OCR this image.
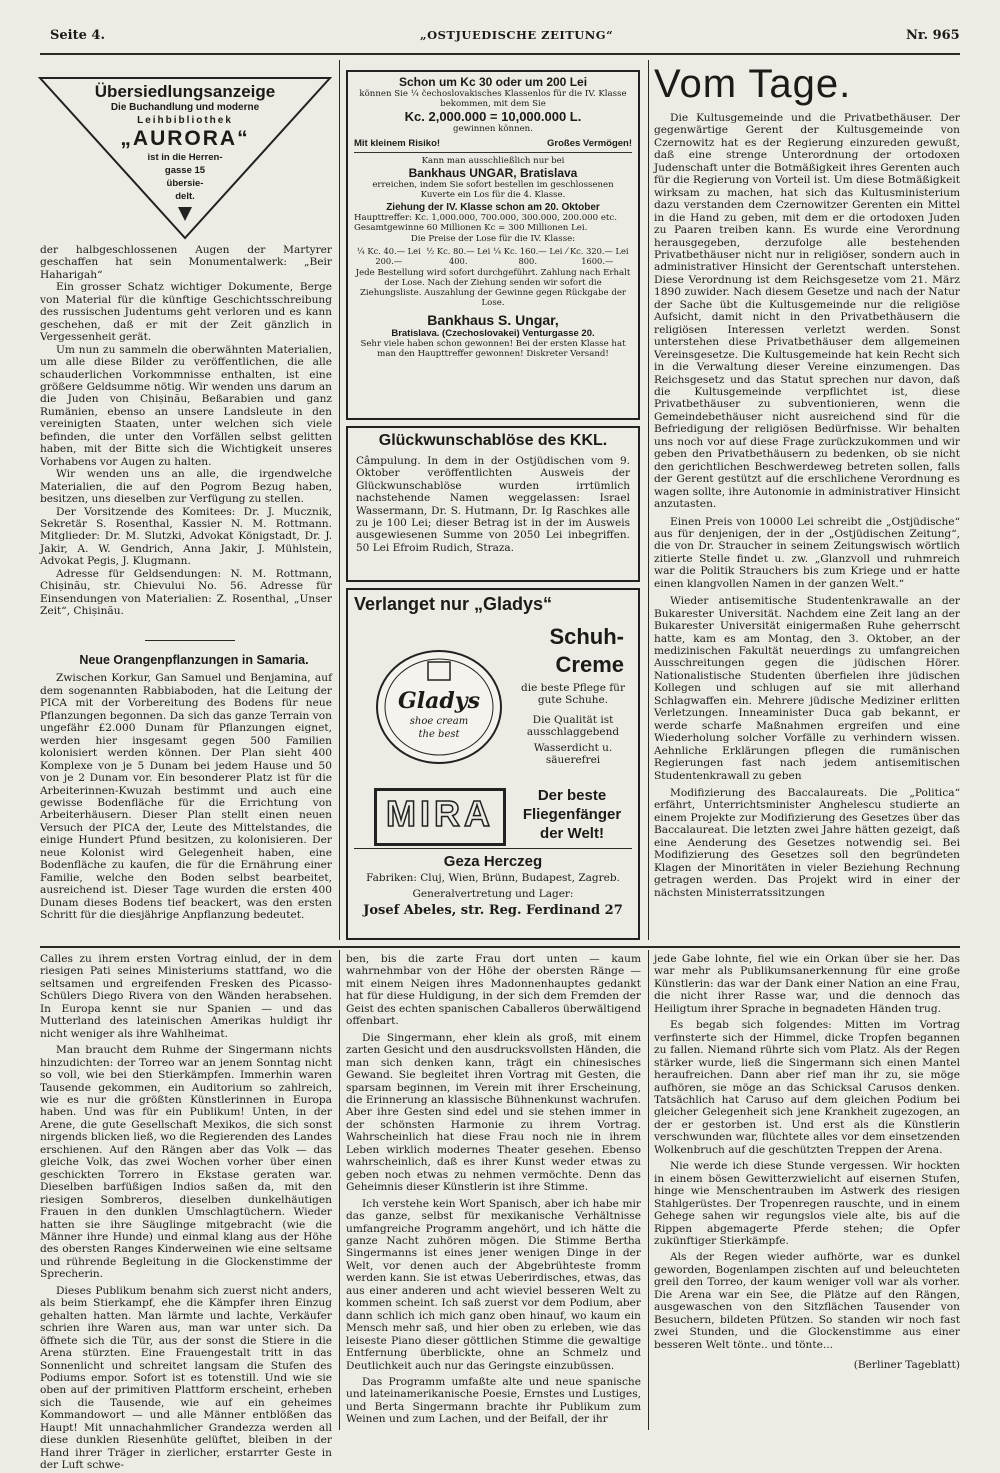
Seite 4.	„OSTJUEDISCHE ZEITUNG“	Nr. 965
Übersiedlungsanzeige
Die Buchandlung und moderne
Leihbibliothek
„AURORA“
ist in die Herren-
gasse 15
übersie-
delt.

der halbgeschlossenen Augen der Martyrer geschaffen hat sein Monumentalwerk: „Beir Haharigah“

Ein grosser Schatz wichtiger Dokumente, Berge von Material für die künftige Geschichtsschreibung des russischen Judentums geht verloren und es kann geschehen, daß er mit der Zeit gänzlich in Vergessenheit gerät.

Um nun zu sammeln die oberwähnten Materialien, um alle diese Bilder zu veröffentlichen, die alle schauderlichen Vorkommnisse enthalten, ist eine größere Geldsumme nötig. Wir wenden uns darum an die Juden von Chișinău, Beßarabien und ganz Rumänien, ebenso an unsere Landsleute in den vereinigten Staaten, unter welchen sich viele befinden, die unter den Vorfällen selbst gelitten haben, mit der Bitte sich die Wichtigkeit unseres Vorhabens vor Augen zu halten.

Wir wenden uns an alle, die irgendwelche Materialien, die auf den Pogrom Bezug haben, besitzen, uns dieselben zur Verfügung zu stellen.

Der Vorsitzende des Komitees: Dr. J. Mucznik, Sekretär S. Rosenthal, Kassier N. M. Rottmann. Mitglieder: Dr. M. Slutzki, Advokat Königstadt, Dr. J. Jakir, A. W. Gendrich, Anna Jakir, J. Mühlstein, Advokat Pegis, J. Klugmann.

Adresse für Geldsendungen: N. M. Rottmann, Chișinău, str. Chievului No. 56. Adresse für Einsendungen von Materialien: Z. Rosenthal, „Unser Zeit“, Chișinău.

Neue Orangenpflanzungen in Samaria.

Zwischen Korkur, Gan Samuel und Benjamina, auf dem sogenannten Rabbiaboden, hat die Leitung der PICA mit der Vorbereitung des Bodens für neue Pflanzungen begonnen. Da sich das ganze Terrain von ungefähr £2.000 Dunam für Pflanzungen eignet, werden hier insgesamt gegen 500 Familien kolonisiert werden können. Der Plan sieht 400 Komplexe von je 5 Dunam bei jedem Hause und 50 von je 2 Dunam vor. Ein besonderer Platz ist für die Arbeiterinnen-Kwuzah bestimmt und auch eine gewisse Bodenfläche für die Errichtung von Arbeiterhäusern. Dieser Plan stellt einen neuen Versuch der PICA der, Leute des Mittelstandes, die einige Hundert Pfund besitzen, zu kolonisieren. Der neue Kolonist wird Gelegenheit haben, eine Bodenfläche zu kaufen, die für die Ernährung einer Familie, welche den Boden selbst bearbeitet, ausreichend ist. Dieser Tage wurden die ersten 400 Dunam dieses Bodens tief beackert, was den ersten Schritt für die diesjährige Anpflanzung bedeutet.

Schon um Kc 30 oder um 200 Lei
können Sie ¼ čechoslovakisches Klassenlos für die IV. Klasse bekommen, mit dem Sie
Kc. 2,000.000 = 10,000.000 L.
gewinnen können.
Mit kleinem Risiko!	Großes Vermögen!
Kann man ausschließlich nur bei
Bankhaus UNGAR, Bratislava
erreichen, indem Sie sofort bestellen im geschlossenen Kuverte ein Los für die 4. Klasse.
Ziehung der IV. Klasse schon am 20. Oktober
Haupttreffer: Kc. 1,000.000, 700.000, 300.000, 200.000 etc. Gesamtgewinne 60 Millionen Kc = 300 Millionen Lei.
Die Preise der Lose für die IV. Klasse:
¼ Kc. 40.— Lei 200.—
½ Kc. 80.— Lei 400.
¼ Kc. 160.— Lei 800.
⁄ Kc. 320.— Lei 1600.—
Jede Bestellung wird sofort durchgeführt. Zahlung nach Erhalt der Lose. Nach der Ziehung senden wir sofort die Ziehungsliste. Auszahlung der Gewinne gegen Rückgabe der Lose.
Bankhaus S. Ungar,
Bratislava. (Czechoslovakei) Venturgasse 20.
Sehr viele haben schon gewonnen! Bei der ersten Klasse hat man den Haupttreffer gewonnen! Diskreter Versand!
Glückwunschablöse des KKL.
Câmpulung. In dem in der Ostjüdischen vom 9. Oktober veröffentlichten Ausweis der Glückwunschablöse wurden irrtümlich nachstehende Namen weggelassen: Israel Wassermann, Dr. S. Hutmann, Dr. Ig Raschkes alle zu je 100 Lei; dieser Betrag ist in der im Ausweis ausgewiesenen Summe von 2050 Lei inbegriffen. 50 Lei Efroim Rudich, Straza.
Verlanget nur „Gladys“
Schuh-
Creme
Gladys
shoe cream
the best
die beste Pflege für gute Schuhe.
Die Qualität ist ausschlaggebend
Wasserdicht u. säuerefrei
MIRA	Der beste Fliegenfänger der Welt!
Geza Herczeg
Fabriken: Cluj, Wien, Brünn, Budapest, Zagreb.
Generalvertretung und Lager:
Josef Abeles, str. Reg. Ferdinand 27
Vom Tage.

Die Kultusgemeinde und die Privatbethäuser. Der gegenwärtige Gerent der Kultusgemeinde von Czernowitz hat es der Regierung einzureden gewußt, daß eine strenge Unterordnung der ortodoxen Judenschaft unter die Botmäßigkeit ihres Gerenten auch für die Regierung von Vorteil ist. Um diese Botmäßigkeit wirksam zu machen, hat sich das Kultusministerium dazu verstanden dem Czernowitzer Gerenten ein Mittel in die Hand zu geben, mit dem er die ortodoxen Juden zu Paaren treiben kann. Es wurde eine Verordnung herausgegeben, derzufolge alle bestehenden Privatbethäuser nicht nur in religiöser, sondern auch in administrativer Hinsicht der Gerentschaft unterstehen. Diese Verordnung ist dem Reichsgesetze vom 21. März 1890 zuwider. Nach diesem Gesetze und nach der Natur der Sache übt die Kultusgemeinde nur die religiöse Aufsicht, damit nicht in den Privatbethäusern die religiösen Interessen verletzt werden. Sonst unterstehen diese Privatbethäuser dem allgemeinen Vereinsgesetze. Die Kultusgemeinde hat kein Recht sich in die Verwaltung dieser Vereine einzumengen. Das Reichsgesetz und das Statut sprechen nur davon, daß die Kultusgemeinde verpflichtet ist, diese Privatbethäuser zu subventionieren, wenn die Gemeindebethäuser nicht ausreichend sind für die Befriedigung der religiösen Bedürfnisse. Wir behalten uns noch vor auf diese Frage zurückzukommen und wir geben den Privatbethäusern zu bedenken, ob sie nicht den gerichtlichen Beschwerdeweg betreten sollen, falls der Gerent gestützt auf die erschlichene Verordnung es wagen sollte, ihre Autonomie in administrativer Hinsicht anzutasten.

Einen Preis von 10000 Lei schreibt die „Ostjüdische“ aus für denjenigen, der in der „Ostjüdischen Zeitung“, die von Dr. Straucher in seinem Zeitungswisch wörtlich zitierte Stelle findet u. zw. „Glanzvoll und ruhmreich war die Politik Strauchers bis zum Kriege und er hatte einen klangvollen Namen in der ganzen Welt.“

Wieder antisemitische Studentenkrawalle an der Bukarester Universität. Nachdem eine Zeit lang an der Bukarester Universität einigermaßen Ruhe geherrscht hatte, kam es am Montag, den 3. Oktober, an der medizinischen Fakultät neuerdings zu umfangreichen Ausschreitungen gegen die jüdischen Hörer. Nationalistische Studenten überfielen ihre jüdischen Kollegen und schlugen auf sie mit allerhand Schlagwaffen ein. Mehrere jüdische Mediziner erlitten Verletzungen. Inneaminister Duca gab bekannt, er werde scharfe Maßnahmen ergreifen und eine Wiederholung solcher Vorfälle zu verhindern wissen. Aehnliche Erklärungen pflegen die rumänischen Regierungen fast nach jedem antisemitischen Studentenkrawall zu geben

Modifizierung des Baccalaureats. Die „Politica“ erfährt, Unterrichtsminister Anghelescu studierte an einem Projekte zur Modifizierung des Gesetzes über das Baccalaureat. Die letzten zwei Jahre hätten gezeigt, daß eine Aenderung des Gesetzes notwendig sei. Bei Modifizierung des Gesetzes soll den begründeten Klagen der Minoritäten in vieler Beziehung Rechnung getragen werden. Das Projekt wird in einer der nächsten Ministerratssitzungen

Calles zu ihrem ersten Vortrag einlud, der in dem riesigen Pati seines Ministeriums stattfand, wo die seltsamen und ergreifenden Fresken des Picasso-Schülers Diego Rivera von den Wänden herabsehen. In Europa kennt sie nur Spanien — und das Mutterland des lateinischen Amerikas huldigt ihr nicht weniger als ihre Wahlheimat.

Man braucht dem Ruhme der Singermann nichts hinzudichten: der Torreo war an jenem Sonntag nicht so voll, wie bei den Stierkämpfen. Immerhin waren Tausende gekommen, ein Auditorium so zahlreich, wie es nur die größten Künstlerinnen in Europa haben. Und was für ein Publikum! Unten, in der Arene, die gute Gesellschaft Mexikos, die sich sonst nirgends blicken ließ, wo die Regierenden des Landes erschienen. Auf den Rängen aber das Volk — das gleiche Volk, das zwei Wochen vorher über einen geschickten Torrero in Ekstase geraten war. Dieselben barfüßigen Indios saßen da, mit den riesigen Sombreros, dieselben dunkelhäutigen Frauen in den dunklen Umschlagtüchern. Wieder hatten sie ihre Säuglinge mitgebracht (wie die Männer ihre Hunde) und einmal klang aus der Höhe des obersten Ranges Kinderweinen wie eine seltsame und rührende Begleitung in die Glockenstimme der Sprecherin.

Dieses Publikum benahm sich zuerst nicht anders, als beim Stierkampf, ehe die Kämpfer ihren Einzug gehalten hatten. Man lärmte und lachte, Verkäufer schrien ihre Waren aus, man war unter sich. Da öffnete sich die Tür, aus der sonst die Stiere in die Arena stürzten. Eine Frauengestalt tritt in das Sonnenlicht und schreitet langsam die Stufen des Podiums empor. Sofort ist es totenstill. Und wie sie oben auf der primitiven Plattform erscheint, erheben sich die Tausende, wie auf ein geheimes Kommandowort — und alle Männer entblößen das Haupt! Mit unnachahmlicher Grandezza werden all diese dunklen Riesenhüte gelüftet, bleiben in der Hand ihrer Träger in zierlicher, erstarrter Geste in der Luft schwe-

ben, bis die zarte Frau dort unten — kaum wahrnehmbar von der Höhe der obersten Ränge — mit einem Neigen ihres Madonnenhauptes gedankt hat für diese Huldigung, in der sich dem Fremden der Geist des echten spanischen Caballeros überwältigend offenbart.

Die Singermann, eher klein als groß, mit einem zarten Gesicht und den ausdrucksvollsten Händen, die man sich denken kann, trägt ein chinesisches Gewand. Sie begleitet ihren Vortrag mit Gesten, die sparsam beginnen, im Verein mit ihrer Erscheinung, die Erinnerung an klassische Bühnenkunst wachrufen. Aber ihre Gesten sind edel und sie stehen immer in der schönsten Harmonie zu ihrem Vortrag. Wahrscheinlich hat diese Frau noch nie in ihrem Leben wirklich modernes Theater gesehen. Ebenso wahrscheinlich, daß es ihrer Kunst weder etwas zu geben noch etwas zu nehmen vermöchte. Denn das Geheimnis dieser Künstlerin ist ihre Stimme.

Ich verstehe kein Wort Spanisch, aber ich habe mir das ganze, selbst für mexikanische Verhältnisse umfangreiche Programm angehört, und ich hätte die ganze Nacht zuhören mögen. Die Stimme Bertha Singermanns ist eines jener wenigen Dinge in der Welt, vor denen auch der Abgebrühteste fromm werden kann. Sie ist etwas Ueberirdisches, etwas, das aus einer anderen und acht wieviel besseren Welt zu kommen scheint. Ich saß zuerst vor dem Podium, aber dann schlich ich mich ganz oben hinauf, wo kaum ein Mensch mehr saß, und hier oben zu erleben, wie das leiseste Piano dieser göttlichen Stimme die gewaltige Entfernung überblickte, ohne an Schmelz und Deutlichkeit auch nur das Geringste einzubüssen.

Das Programm umfaßte alte und neue spanische und lateinamerikanische Poesie, Ernstes und Lustiges, und Berta Singermann brachte ihr Publikum zum Weinen und zum Lachen, und der Beifall, der ihr

jede Gabe lohnte, fiel wie ein Orkan über sie her. Das war mehr als Publikumsanerkennung für eine große Künstlerin: das war der Dank einer Nation an eine Frau, die nicht ihrer Rasse war, und die dennoch das Heiligtum ihrer Sprache in begnadeten Händen trug.

Es begab sich folgendes: Mitten im Vortrag verfinsterte sich der Himmel, dicke Tropfen begannen zu fallen. Niemand rührte sich vom Platz. Als der Regen stärker wurde, ließ die Singermann sich einen Mantel heraufreichen. Dann aber rief man ihr zu, sie möge aufhören, sie möge an das Schicksal Carusos denken. Tatsächlich hat Caruso auf dem gleichen Podium bei gleicher Gelegenheit sich jene Krankheit zugezogen, an der er gestorben ist. Und erst als die Künstlerin verschwunden war, flüchtete alles vor dem einsetzenden Wolkenbruch auf die geschützten Treppen der Arena.

Nie werde ich diese Stunde vergessen. Wir hockten in einem bösen Gewitterzwielicht auf eisernen Stufen, hinge wie Menschentrauben im Astwerk des riesigen Stahlgerüstes. Der Tropenregen rauschte, und in einem Gehege sahen wir regungslos viele alte, bis auf die Rippen abgemagerte Pferde stehen; die Opfer zukünftiger Stierkämpfe.

Als der Regen wieder aufhörte, war es dunkel geworden, Bogenlampen zischten auf und beleuchteten greil den Torreo, der kaum weniger voll war als vorher. Die Arena war ein See, die Plätze auf den Rängen, ausgewaschen von den Sitzflächen Tausender von Besuchern, bildeten Pfützen. So standen wir noch fast zwei Stunden, und die Glockenstimme aus einer besseren Welt tönte.. und tönte...

(Berliner Tageblatt)
